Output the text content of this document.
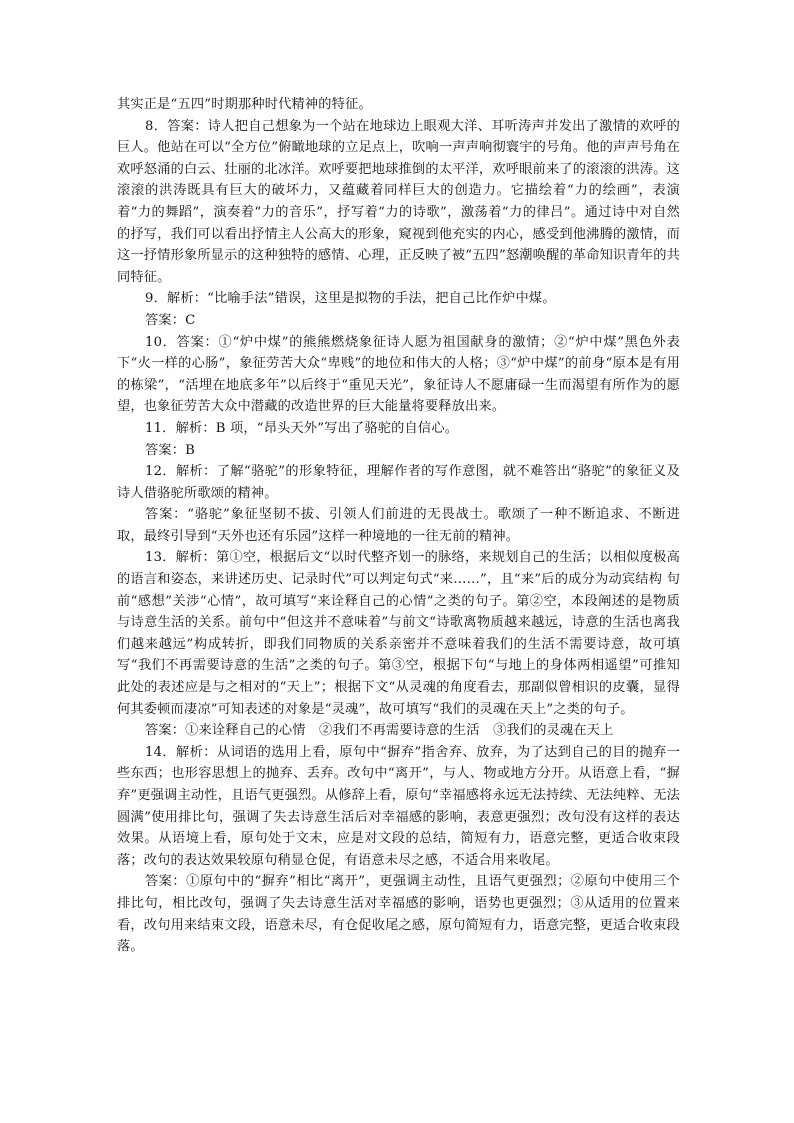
其实正是“五四”时期那种时代精神的特征。

8．答案：诗人把自己想象为一个站在地球边上眼观大洋、耳听涛声并发出了激情的欢呼的巨人。他站在可以“全方位”俯瞰地球的立足点上，吹响一声声响彻寰宇的号角。他的声声号角在欢呼怒涌的白云、壮丽的北冰洋。欢呼要把地球推倒的太平洋，欢呼眼前来了的滚滚的洪涛。这滚滚的洪涛既具有巨大的破坏力，又蕴藏着同样巨大的创造力。它描绘着“力的绘画”，表演着“力的舞蹈”，演奏着“力的音乐”，抒写着“力的诗歌”，激荡着“力的律吕”。通过诗中对自然的抒写，我们可以看出抒情主人公高大的形象，窥视到他充实的内心，感受到他沸腾的激情，而这一抒情形象所显示的这种独特的感情、心理，正反映了被“五四”怒潮唤醒的革命知识青年的共同特征。

9．解析：“比喻手法”错误，这里是拟物的手法，把自己比作炉中煤。

答案：C

10．答案：①“炉中煤”的熊熊燃烧象征诗人愿为祖国献身的激情；②“炉中煤”黑色外表下“火一样的心肠”，象征劳苦大众“卑贱”的地位和伟大的人格；③“炉中煤”的前身“原本是有用的栋梁”，“活埋在地底多年”以后终于“重见天光”，象征诗人不愿庸碌一生而渴望有所作为的愿望，也象征劳苦大众中潜藏的改造世界的巨大能量将要释放出来。

11．解析：B 项，“昂头天外”写出了骆驼的自信心。

答案：B

12．解析：了解“骆驼”的形象特征，理解作者的写作意图，就不难答出“骆驼”的象征义及诗人借骆驼所歌颂的精神。

答案：“骆驼”象征坚韧不拔、引领人们前进的无畏战士。歌颂了一种不断追求、不断进取，最终引导到“天外也还有乐园”这样一种境地的一往无前的精神。

13．解析：第①空，根据后文“以时代整齐划一的脉络，来规划自己的生活；以相似度极高的语言和姿态，来讲述历史、记录时代”可以判定句式“来……”，且“来”后的成分为动宾结构 句前“感想”关涉“心情”，故可填写“来诠释自己的心情”之类的句子。第②空，本段阐述的是物质与诗意生活的关系。前句中“但这并不意味着”与前文“诗歌离物质越来越远，诗意的生活也离我们越来越远”构成转折，即我们同物质的关系亲密并不意味着我们的生活不需要诗意，故可填写“我们不再需要诗意的生活”之类的句子。第③空，根据下句“与地上的身体两相遥望”可推知此处的表述应是与之相对的“天上”；根据下文“从灵魂的角度看去，那副似曾相识的皮囊，显得何其委顿而凄凉”可知表述的对象是“灵魂”，故可填写“我们的灵魂在天上”之类的句子。

答案：①来诠释自己的心情　②我们不再需要诗意的生活　③我们的灵魂在天上

14．解析：从词语的选用上看，原句中“摒弃”指舍弃、放弃，为了达到自己的目的抛弃一些东西；也形容思想上的抛弃、丢弃。改句中“离开”，与人、物或地方分开。从语意上看，“摒弃”更强调主动性，且语气更强烈。从修辞上看，原句“幸福感将永远无法持续、无法纯粹、无法圆满”使用排比句，强调了失去诗意生活后对幸福感的影响，表意更强烈；改句没有这样的表达效果。从语境上看，原句处于文末，应是对文段的总结，简短有力，语意完整，更适合收束段落；改句的表达效果较原句稍显仓促，有语意未尽之感，不适合用来收尾。

答案：①原句中的“摒弃”相比“离开”，更强调主动性，且语气更强烈；②原句中使用三个排比句，相比改句，强调了失去诗意生活对幸福感的影响，语势也更强烈；③从适用的位置来看，改句用来结束文段，语意未尽，有仓促收尾之感，原句简短有力，语意完整，更适合收束段落。
